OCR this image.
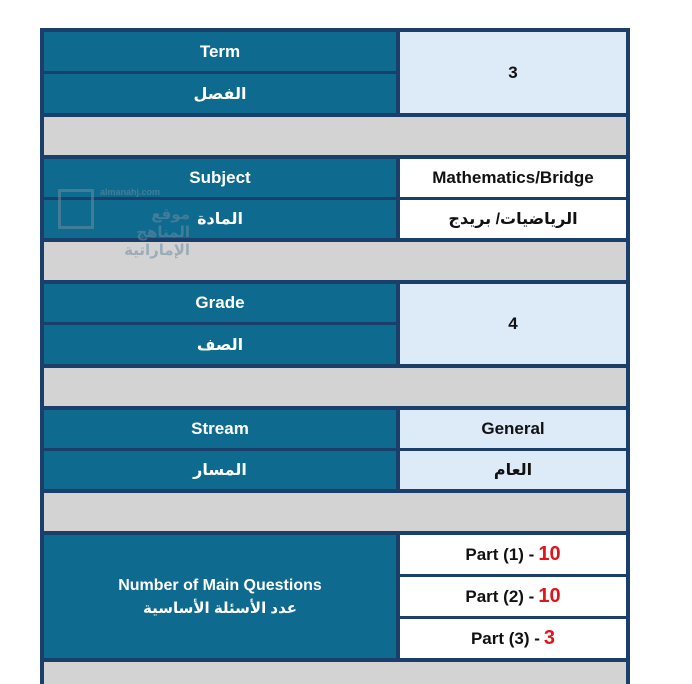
Term
الفصل
3
Subject
المادة
Mathematics/Bridge
الرياضيات/ بريدج
Grade
الصف
4
Stream
المسار
General
العام
Number of Main Questions
عدد الأسئلة الأساسية
Part (1) - 10
Part (2) - 10
Part (3) - 3
almanahj.com
موقع المناهج الإماراتية
